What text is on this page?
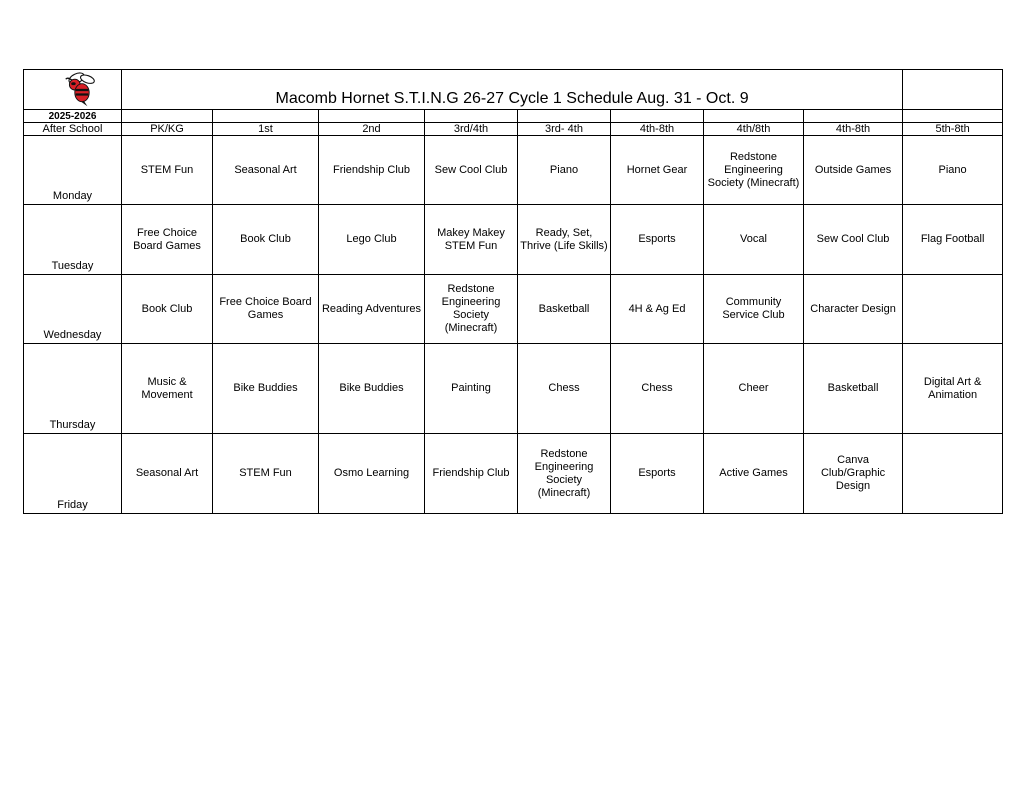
	Macomb Hornet S.T.I.N.G 26-27 Cycle 1 Schedule Aug. 31 - Oct. 9	

2025-2026									
After School	PK/KG	1st	2nd	3rd/4th	3rd- 4th	4th-8th	4th/8th	4th-8th	5th-8th
Monday	STEM Fun	Seasonal Art	Friendship Club	Sew Cool Club	Piano	Hornet Gear	Redstone Engineering Society (Minecraft)	Outside Games	Piano
Tuesday	Free Choice Board Games	Book Club	Lego Club	Makey Makey STEM Fun	Ready, Set, Thrive (Life Skills)	Esports	Vocal	Sew Cool Club	Flag Football
Wednesday	Book Club	Free Choice Board Games	Reading Adventures	Redstone Engineering Society (Minecraft)	Basketball	4H & Ag Ed	Community Service Club	Character Design	
Thursday	Music & Movement	Bike Buddies	Bike Buddies	Painting	Chess	Chess	Cheer	Basketball	Digital Art & Animation
Friday	Seasonal Art	STEM Fun	Osmo Learning	Friendship Club	Redstone Engineering Society (Minecraft)	Esports	Active Games	Canva Club/Graphic Design	
